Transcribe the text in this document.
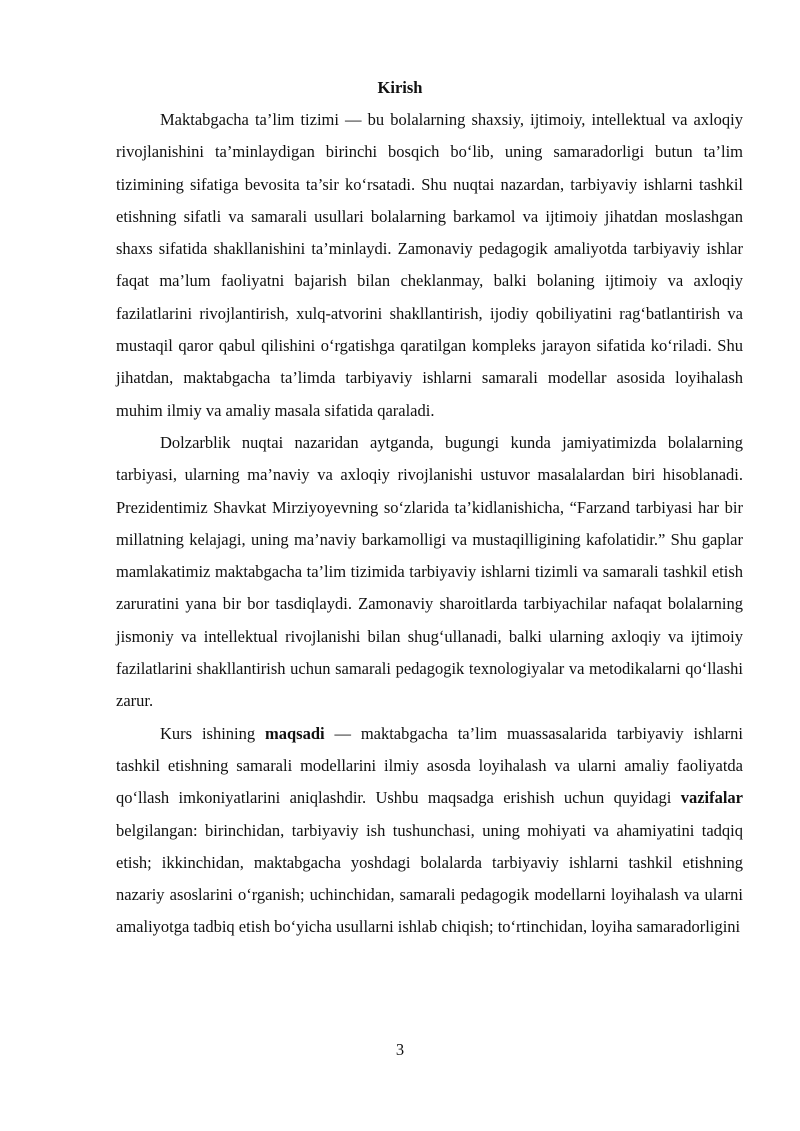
Kirish

Maktabgacha ta’lim tizimi — bu bolalarning shaxsiy, ijtimoiy, intellektual va axloqiy rivojlanishini ta’minlaydigan birinchi bosqich bo‘lib, uning samaradorligi butun ta’lim tizimining sifatiga bevosita ta’sir ko‘rsatadi. Shu nuqtai nazardan, tarbiyaviy ishlarni tashkil etishning sifatli va samarali usullari bolalarning barkamol va ijtimoiy jihatdan moslashgan shaxs sifatida shakllanishini ta’minlaydi. Zamonaviy pedagogik amaliyotda tarbiyaviy ishlar faqat ma’lum faoliyatni bajarish bilan cheklanmay, balki bolaning ijtimoiy va axloqiy fazilatlarini rivojlantirish, xulq-atvorini shakllantirish, ijodiy qobiliyatini rag‘batlantirish va mustaqil qaror qabul qilishini o‘rgatishga qaratilgan kompleks jarayon sifatida ko‘riladi. Shu jihatdan, maktabgacha ta’limda tarbiyaviy ishlarni samarali modellar asosida loyihalash muhim ilmiy va amaliy masala sifatida qaraladi.

Dolzarblik nuqtai nazaridan aytganda, bugungi kunda jamiyatimizda bolalarning tarbiyasi, ularning ma’naviy va axloqiy rivojlanishi ustuvor masalalardan biri hisoblanadi. Prezidentimiz Shavkat Mirziyoyevning so‘zlarida ta’kidlanishicha, “Farzand tarbiyasi har bir millatning kelajagi, uning ma’naviy barkamolligi va mustaqilligining kafolatidir.” Shu gaplar mamlakatimiz maktabgacha ta’lim tizimida tarbiyaviy ishlarni tizimli va samarali tashkil etish zaruratini yana bir bor tasdiqlaydi. Zamonaviy sharoitlarda tarbiyachilar nafaqat bolalarning jismoniy va intellektual rivojlanishi bilan shug‘ullanadi, balki ularning axloqiy va ijtimoiy fazilatlarini shakllantirish uchun samarali pedagogik texnologiyalar va metodikalarni qo‘llashi zarur.

Kurs ishining maqsadi — maktabgacha ta’lim muassasalarida tarbiyaviy ishlarni tashkil etishning samarali modellarini ilmiy asosda loyihalash va ularni amaliy faoliyatda qo‘llash imkoniyatlarini aniqlashdir. Ushbu maqsadga erishish uchun quyidagi vazifalar belgilangan: birinchidan, tarbiyaviy ish tushunchasi, uning mohiyati va ahamiyatini tadqiq etish; ikkinchidan, maktabgacha yoshdagi bolalarda tarbiyaviy ishlarni tashkil etishning nazariy asoslarini o‘rganish; uchinchidan, samarali pedagogik modellarni loyihalash va ularni amaliyotga tadbiq etish bo‘yicha usullarni ishlab chiqish; to‘rtinchidan, loyiha samaradorligini

3
